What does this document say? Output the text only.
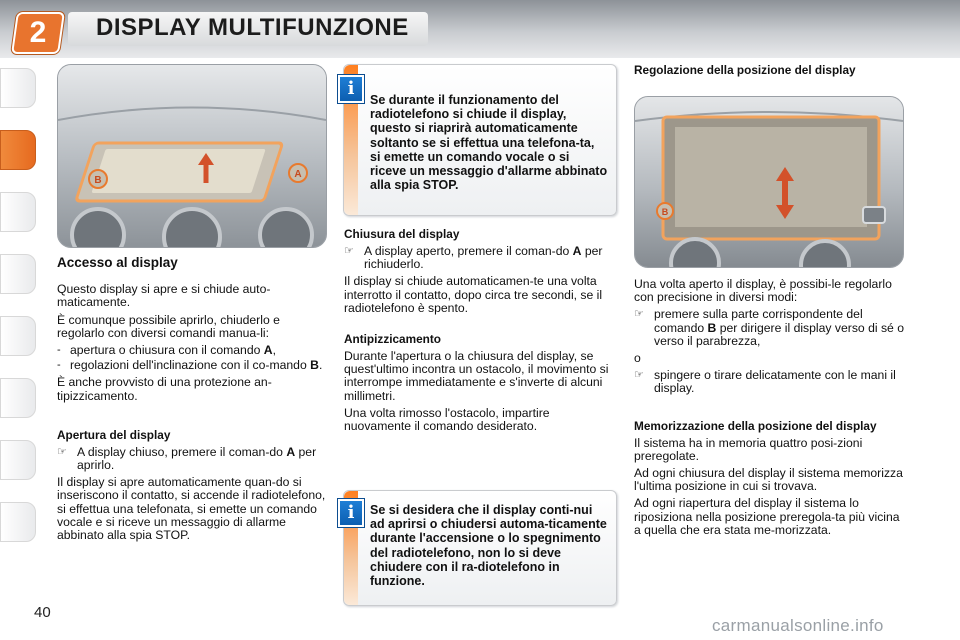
2	DISPLAY MULTIFUNZIONE
B
A

Accesso al display

Questo display si apre e si chiude auto-maticamente.

È comunque possibile aprirlo, chiuderlo e regolarlo con diversi comandi manua-li:

- apertura o chiusura con il comando A,
- regolazioni dell'inclinazione con il co-mando B.

È anche provvisto di una protezione an-tipizzicamento.

Apertura del display

☞ A display chiuso, premere il coman-do A per aprirlo.

Il display si apre automaticamente quan-do si inseriscono il contatto, si accende il radiotelefono, si effettua una telefonata, si emette un comando vocale e si riceve un messaggio di allarme abbinato alla spia STOP.

i
Se durante il funzionamento del radiotelefono si chiude il display, questo si riaprirà automaticamente soltanto se si effettua una telefona-ta, si emette un comando vocale o si riceve un messaggio d'allarme abbinato alla spia STOP.

Chiusura del display

☞ A display aperto, premere il coman-do A per richiuderlo.

Il display si chiude automaticamen-te una volta interrotto il contatto, dopo circa tre secondi, se il radiotelefono è spento.

Antipizzicamento

Durante l'apertura o la chiusura del display, se quest'ultimo incontra un ostacolo, il movimento si interrompe immediatamente e s'inverte di alcuni millimetri.

Una volta rimosso l'ostacolo, impartire nuovamente il comando desiderato.

i	Se si desidera che il display conti-nui ad aprirsi o chiudersi automa-ticamente durante l'accensione o lo spegnimento del radiotelefono, non lo si deve chiudere con il ra-diotelefono in funzione.
B

Regolazione della posizione del display

Una volta aperto il display, è possibi-le regolarlo con precisione in diversi modi:

☞ premere sulla parte corrispondente del comando B per dirigere il display verso di sé o verso il parabrezza,

o

☞ spingere o tirare delicatamente con le mani il display.

Memorizzazione della posizione del display

Il sistema ha in memoria quattro posi-zioni preregolate.

Ad ogni chiusura del display il sistema memorizza l'ultima posizione in cui si trovava.

Ad ogni riapertura del display il sistema lo riposiziona nella posizione preregola-ta più vicina a quella che era stata me-morizzata.

40
carmanualsonline.info
